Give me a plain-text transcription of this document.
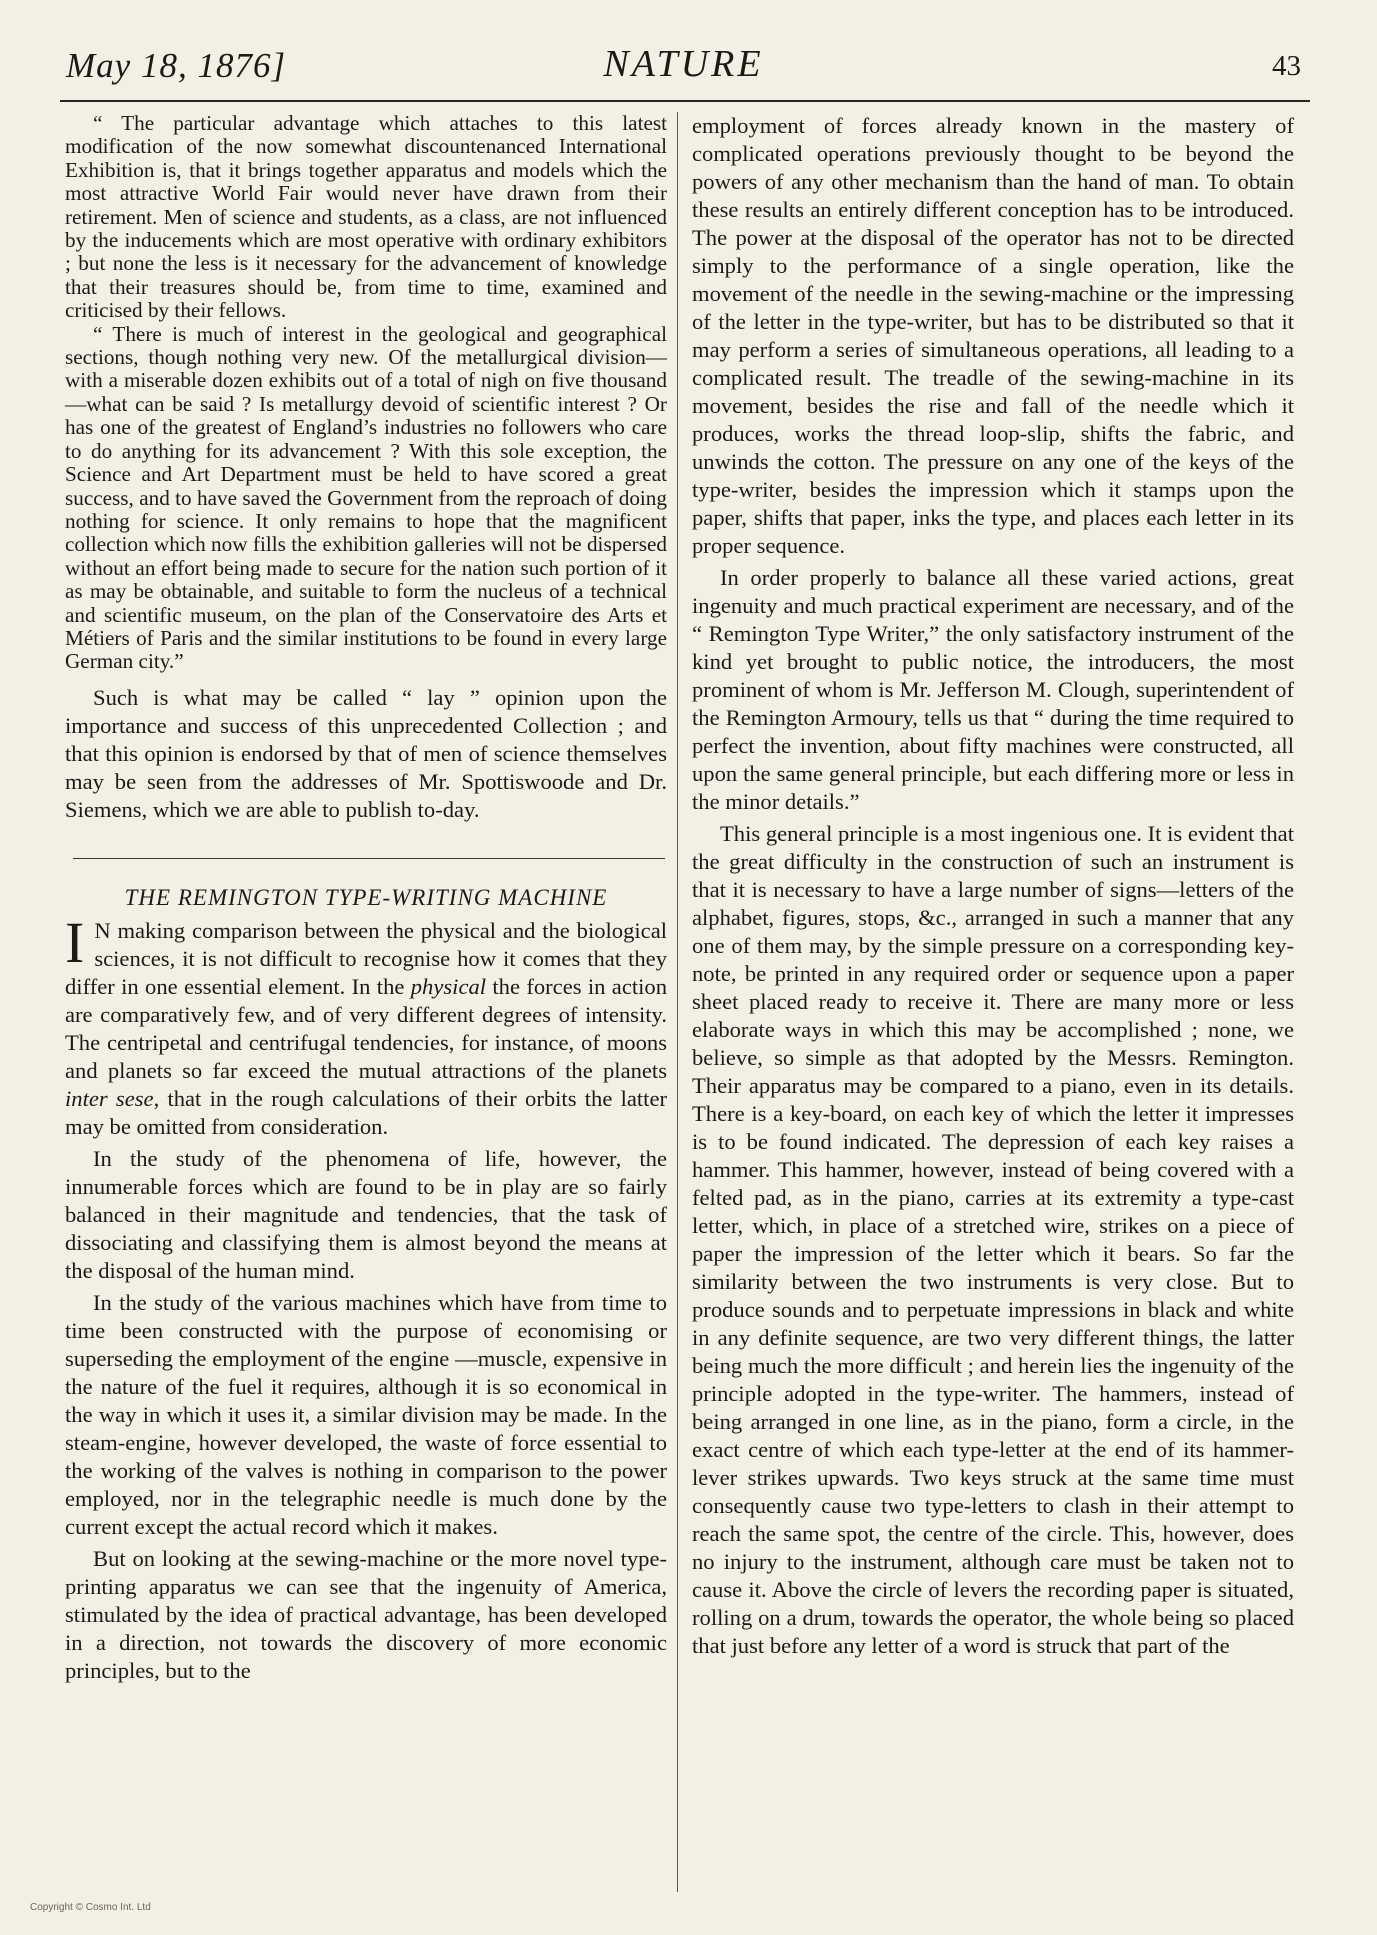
May 18, 1876]	NATURE	43

“ The particular advantage which attaches to this latest modification of the now somewhat discountenanced International Exhibition is, that it brings together apparatus and models which the most attractive World Fair would never have drawn from their retirement. Men of science and students, as a class, are not influenced by the inducements which are most operative with ordinary exhibitors ; but none the less is it necessary for the advancement of knowledge that their treasures should be, from time to time, examined and criticised by their fellows.

“ There is much of interest in the geological and geographical sections, though nothing very new. Of the metallurgical division—with a miserable dozen exhibits out of a total of nigh on five thousand—what can be said ? Is metallurgy devoid of scientific interest ? Or has one of the greatest of England’s industries no followers who care to do anything for its advancement ? With this sole exception, the Science and Art Department must be held to have scored a great success, and to have saved the Government from the reproach of doing nothing for science. It only remains to hope that the magnificent collection which now fills the exhibition galleries will not be dispersed without an effort being made to secure for the nation such portion of it as may be obtainable, and suitable to form the nucleus of a technical and scientific museum, on the plan of the Conservatoire des Arts et Métiers of Paris and the similar institutions to be found in every large German city.”

Such is what may be called “ lay ” opinion upon the importance and success of this unprecedented Collection ; and that this opinion is endorsed by that of men of science themselves may be seen from the addresses of Mr. Spottiswoode and Dr. Siemens, which we are able to publish to-day.

THE REMINGTON TYPE-WRITING MACHINE

I N making comparison between the physical and the biological sciences, it is not difficult to recognise how it comes that they differ in one essential element. In the physical the forces in action are comparatively few, and of very different degrees of intensity. The centripetal and centrifugal tendencies, for instance, of moons and planets so far exceed the mutual attractions of the planets inter sese, that in the rough calculations of their orbits the latter may be omitted from consideration.

In the study of the phenomena of life, however, the innumerable forces which are found to be in play are so fairly balanced in their magnitude and tendencies, that the task of dissociating and classifying them is almost beyond the means at the disposal of the human mind.

In the study of the various machines which have from time to time been constructed with the purpose of economising or superseding the employment of the engine —muscle, expensive in the nature of the fuel it requires, although it is so economical in the way in which it uses it, a similar division may be made. In the steam-engine, however developed, the waste of force essential to the working of the valves is nothing in comparison to the power employed, nor in the telegraphic needle is much done by the current except the actual record which it makes.

But on looking at the sewing-machine or the more novel type-printing apparatus we can see that the ingenuity of America, stimulated by the idea of practical advantage, has been developed in a direction, not towards the discovery of more economic principles, but to the

employment of forces already known in the mastery of complicated operations previously thought to be beyond the powers of any other mechanism than the hand of man. To obtain these results an entirely different conception has to be introduced. The power at the disposal of the operator has not to be directed simply to the performance of a single operation, like the movement of the needle in the sewing-machine or the impressing of the letter in the type-writer, but has to be distributed so that it may perform a series of simultaneous operations, all leading to a complicated result. The treadle of the sewing-machine in its movement, besides the rise and fall of the needle which it produces, works the thread loop-slip, shifts the fabric, and unwinds the cotton. The pressure on any one of the keys of the type-writer, besides the impression which it stamps upon the paper, shifts that paper, inks the type, and places each letter in its proper sequence.

In order properly to balance all these varied actions, great ingenuity and much practical experiment are necessary, and of the “ Remington Type Writer,” the only satisfactory instrument of the kind yet brought to public notice, the introducers, the most prominent of whom is Mr. Jefferson M. Clough, superintendent of the Remington Armoury, tells us that “ during the time required to perfect the invention, about fifty machines were constructed, all upon the same general principle, but each differing more or less in the minor details.”

This general principle is a most ingenious one. It is evident that the great difficulty in the construction of such an instrument is that it is necessary to have a large number of signs—letters of the alphabet, figures, stops, &c., arranged in such a manner that any one of them may, by the simple pressure on a corresponding key-note, be printed in any required order or sequence upon a paper sheet placed ready to receive it. There are many more or less elaborate ways in which this may be accomplished ; none, we believe, so simple as that adopted by the Messrs. Remington. Their apparatus may be compared to a piano, even in its details. There is a key-board, on each key of which the letter it impresses is to be found indicated. The depression of each key raises a hammer. This hammer, however, instead of being covered with a felted pad, as in the piano, carries at its extremity a type-cast letter, which, in place of a stretched wire, strikes on a piece of paper the impression of the letter which it bears. So far the similarity between the two instruments is very close. But to produce sounds and to perpetuate impressions in black and white in any definite sequence, are two very different things, the latter being much the more difficult ; and herein lies the ingenuity of the principle adopted in the type-writer. The hammers, instead of being arranged in one line, as in the piano, form a circle, in the exact centre of which each type-letter at the end of its hammer-lever strikes upwards. Two keys struck at the same time must consequently cause two type-letters to clash in their attempt to reach the same spot, the centre of the circle. This, however, does no injury to the instrument, although care must be taken not to cause it. Above the circle of levers the recording paper is situated, rolling on a drum, towards the operator, the whole being so placed that just before any letter of a word is struck that part of the

Copyright © Cosmo Int. Ltd
